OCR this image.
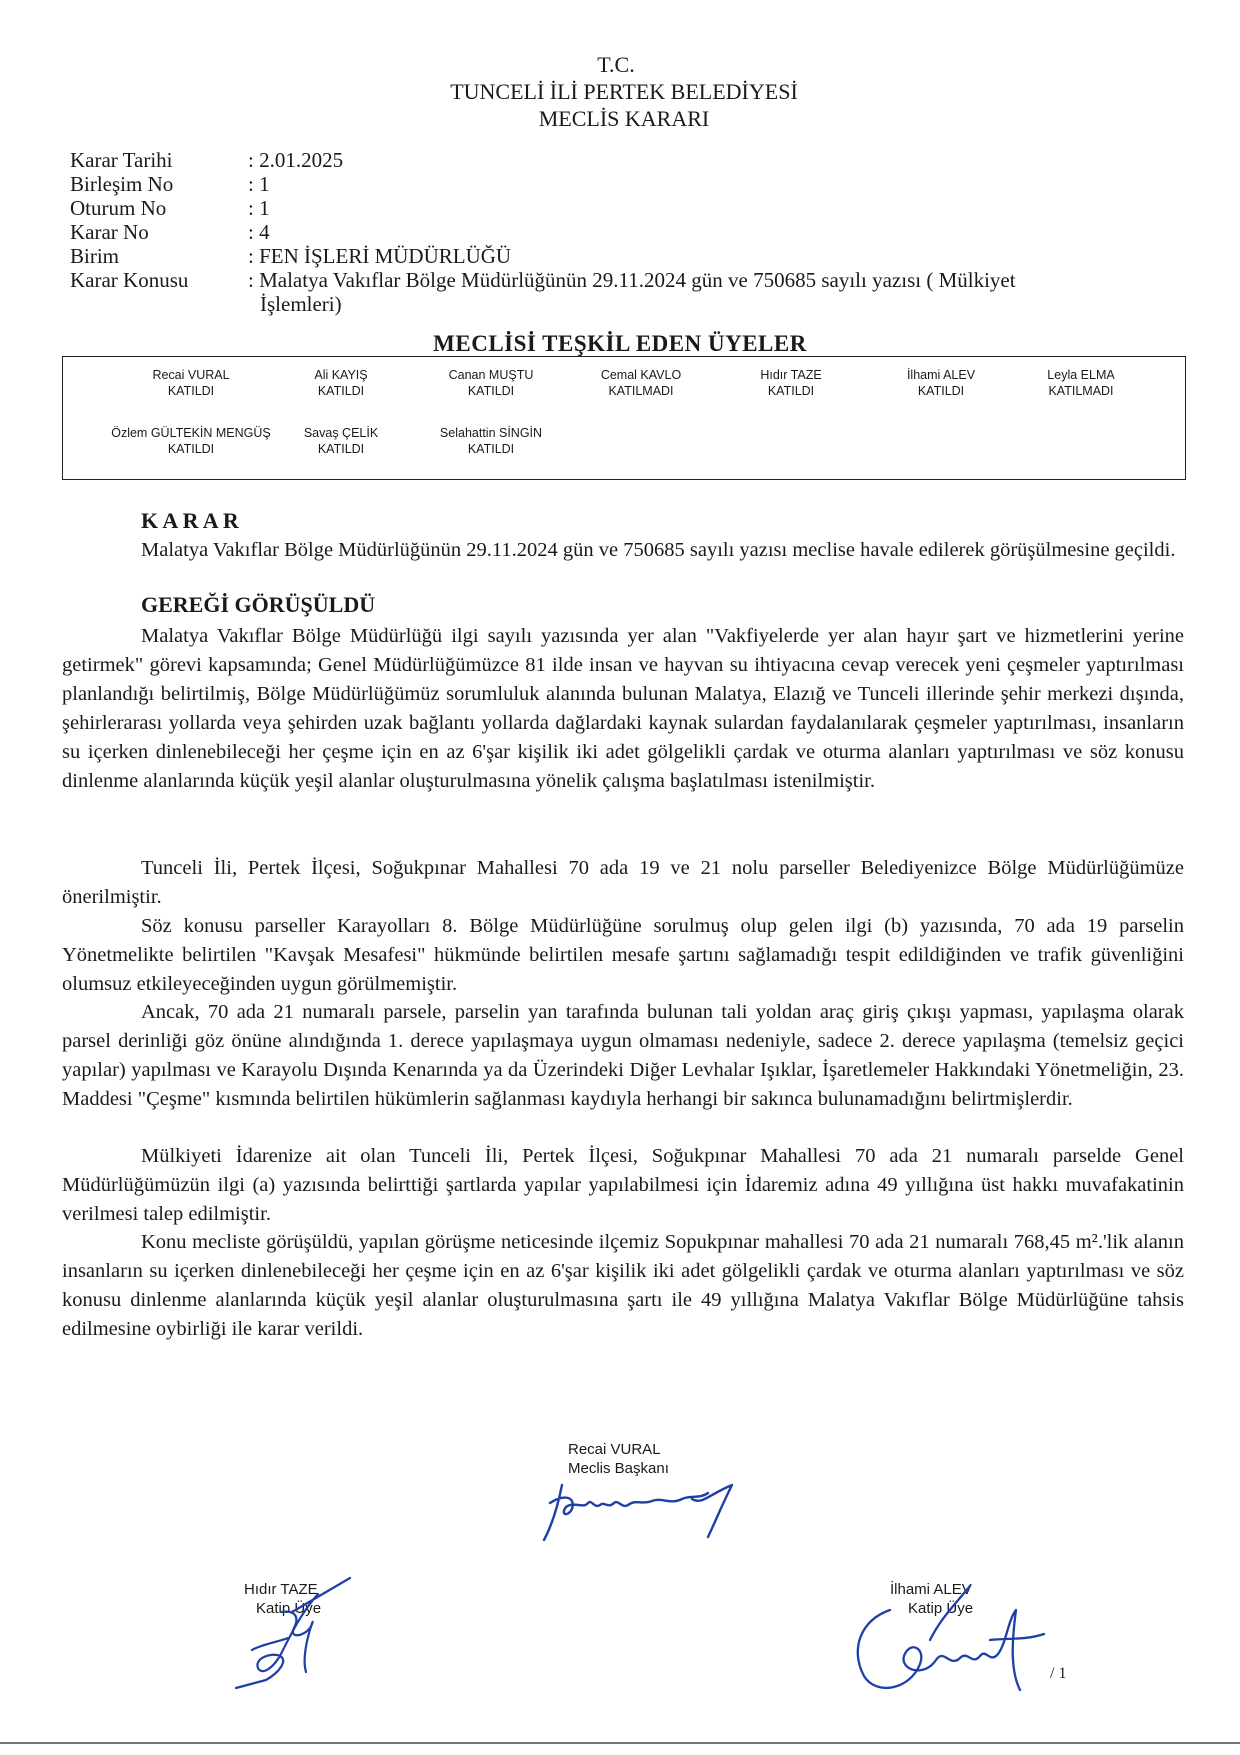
T.C.
TUNCELİ İLİ PERTEK BELEDİYESİ
MECLİS KARARI
Karar Tarihi	: 2.01.2025
Birleşim No	: 1
Oturum No	: 1
Karar No	: 4
Birim	: FEN İŞLERİ MÜDÜRLÜĞÜ
Karar Konusu	: Malatya Vakıflar Bölge Müdürlüğünün 29.11.2024 gün ve 750685 sayılı yazısı ( Mülkiyet
İşlemleri)
MECLİSİ TEŞKİL EDEN ÜYELER
Recai VURAL
KATILDI
Ali KAYIŞ
KATILDI
Canan MUŞTU
KATILDI
Cemal KAVLO
KATILMADI
Hıdır TAZE
KATILDI
İlhami ALEV
KATILDI
Leyla ELMA
KATILMADI
Özlem GÜLTEKİN MENGÜŞ
KATILDI
Savaş ÇELİK
KATILDI
Selahattin SİNGİN
KATILDI
K A R A R

Malatya Vakıflar Bölge Müdürlüğünün 29.11.2024 gün ve 750685 sayılı yazısı meclise havale edilerek görüşülmesine geçildi.

GEREĞİ GÖRÜŞÜLDÜ

Malatya Vakıflar Bölge Müdürlüğü ilgi sayılı yazısında yer alan "Vakfiyelerde yer alan hayır şart ve hizmetlerini yerine getirmek" görevi kapsamında; Genel Müdürlüğümüzce 81 ilde insan ve hayvan su ihtiyacına cevap verecek yeni çeşmeler yaptırılması planlandığı belirtilmiş, Bölge Müdürlüğümüz sorumluluk alanında bulunan Malatya, Elazığ ve Tunceli illerinde şehir merkezi dışında, şehirlerarası yollarda veya şehirden uzak bağlantı yollarda dağlardaki kaynak sulardan faydalanılarak çeşmeler yaptırılması, insanların su içerken dinlenebileceği her çeşme için en az 6'şar kişilik iki adet gölgelikli çardak ve oturma alanları yaptırılması ve söz konusu dinlenme alanlarında küçük yeşil alanlar oluşturulmasına yönelik çalışma başlatılması istenilmiştir.

Tunceli İli, Pertek İlçesi, Soğukpınar Mahallesi 70 ada 19 ve 21 nolu parseller Belediyenizce Bölge Müdürlüğümüze önerilmiştir.

Söz konusu parseller Karayolları 8. Bölge Müdürlüğüne sorulmuş olup gelen ilgi (b) yazısında, 70 ada 19 parselin Yönetmelikte belirtilen "Kavşak Mesafesi" hükmünde belirtilen mesafe şartını sağlamadığı tespit edildiğinden ve trafik güvenliğini olumsuz etkileyeceğinden uygun görülmemiştir.

Ancak, 70 ada 21 numaralı parsele, parselin yan tarafında bulunan tali yoldan araç giriş çıkışı yapması, yapılaşma olarak parsel derinliği göz önüne alındığında 1. derece yapılaşmaya uygun olmaması nedeniyle, sadece 2. derece yapılaşma (temelsiz geçici yapılar) yapılması ve Karayolu Dışında Kenarında ya da Üzerindeki Diğer Levhalar Işıklar, İşaretlemeler Hakkındaki Yönetmeliğin, 23. Maddesi "Çeşme" kısmında belirtilen hükümlerin sağlanması kaydıyla herhangi bir sakınca bulunamadığını belirtmişlerdir.

Mülkiyeti İdarenize ait olan Tunceli İli, Pertek İlçesi, Soğukpınar Mahallesi 70 ada 21 numaralı parselde Genel Müdürlüğümüzün ilgi (a) yazısında belirttiği şartlarda yapılar yapılabilmesi için İdaremiz adına 49 yıllığına üst hakkı muvafakatinin verilmesi talep edilmiştir.

Konu mecliste görüşüldü, yapılan görüşme neticesinde ilçemiz Sopukpınar mahallesi 70 ada 21 numaralı 768,45 m².'lik alanın insanların su içerken dinlenebileceği her çeşme için en az 6'şar kişilik iki adet gölgelikli çardak ve oturma alanları yaptırılması ve söz konusu dinlenme alanlarında küçük yeşil alanlar oluşturulmasına şartı ile 49 yıllığına Malatya Vakıflar Bölge Müdürlüğüne tahsis edilmesine oybirliği ile karar verildi.

Recai VURAL
Meclis Başkanı
Hıdır TAZE
Katip Üye
İlhami ALEV
Katip Üye
/ 1
